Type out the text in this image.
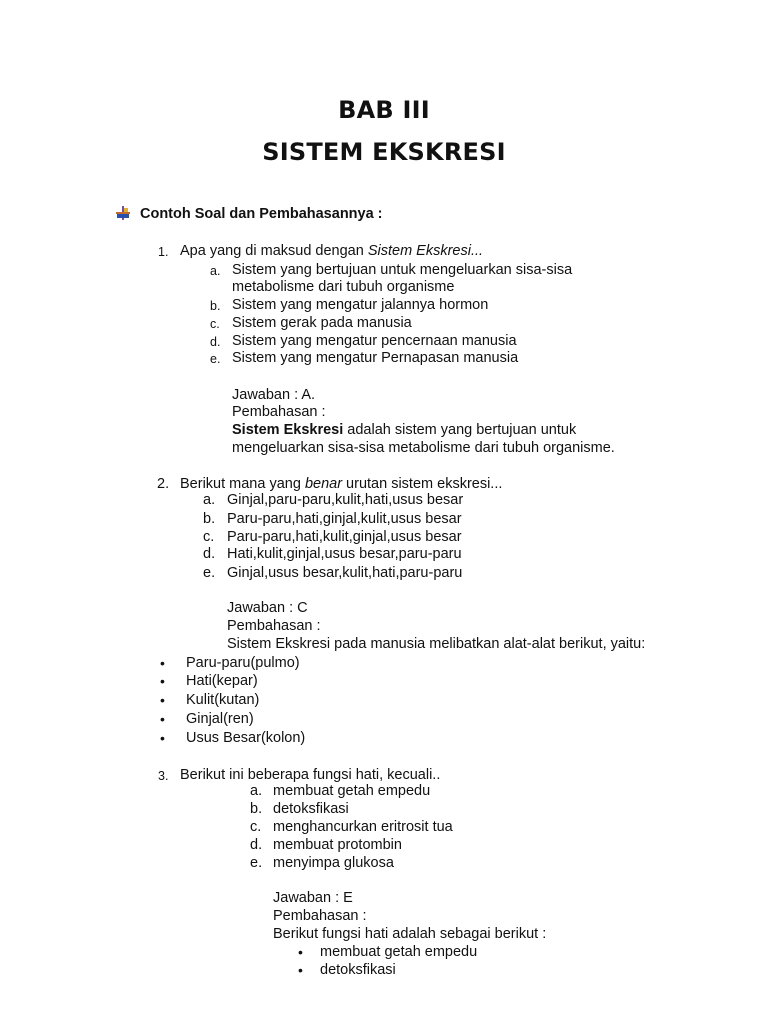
BAB III
SISTEM EKSKRESI
Contoh Soal dan Pembahasannya :
1. Apa yang di maksud dengan Sistem Ekskresi...
a. Sistem yang bertujuan untuk mengeluarkan sisa-sisa
metabolisme dari tubuh organisme
b. Sistem yang mengatur jalannya hormon
c. Sistem gerak pada manusia
d. Sistem yang mengatur pencernaan manusia
e. Sistem yang mengatur Pernapasan manusia
Jawaban : A.
Pembahasan :
Sistem Ekskresi adalah sistem yang bertujuan untuk
mengeluarkan sisa-sisa metabolisme dari tubuh organisme.
2. Berikut mana yang benar urutan sistem ekskresi...
a. Ginjal,paru-paru,kulit,hati,usus besar
b. Paru-paru,hati,ginjal,kulit,usus besar
c. Paru-paru,hati,kulit,ginjal,usus besar
d. Hati,kulit,ginjal,usus besar,paru-paru
e. Ginjal,usus besar,kulit,hati,paru-paru
Jawaban : C
Pembahasan :
Sistem Ekskresi pada manusia melibatkan alat-alat berikut, yaitu:
• Paru-paru(pulmo)
• Hati(kepar)
• Kulit(kutan)
• Ginjal(ren)
• Usus Besar(kolon)
3. Berikut ini beberapa fungsi hati, kecuali..
a. membuat getah empedu
b. detoksfikasi
c. menghancurkan eritrosit tua
d. membuat protombin
e. menyimpa glukosa
Jawaban : E
Pembahasan :
Berikut fungsi hati adalah sebagai berikut :
• membuat getah empedu
• detoksfikasi
